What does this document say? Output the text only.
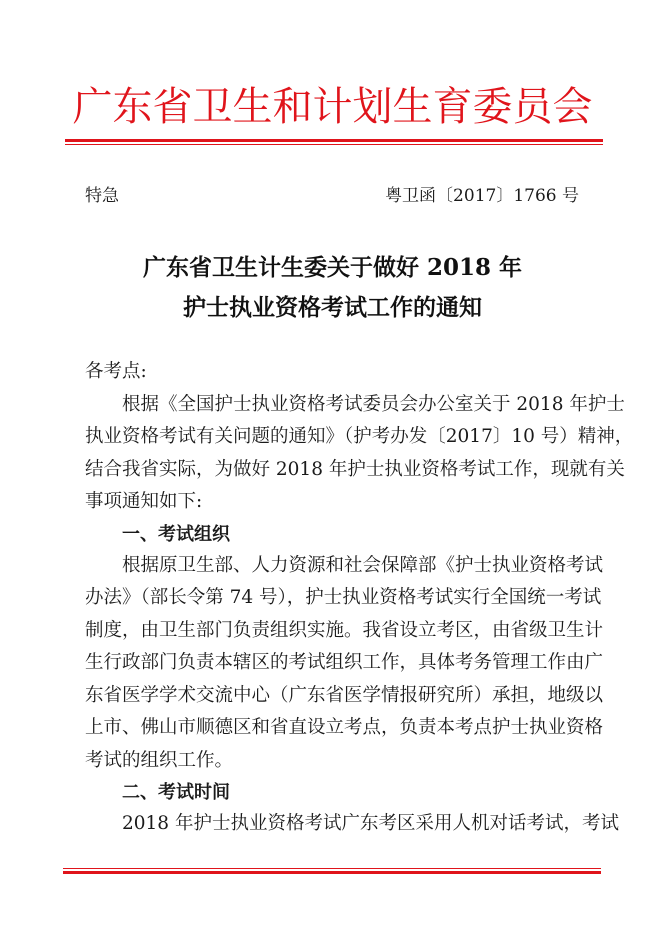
广东省卫生和计划生育委员会
特急	粤卫函〔2017〕1766 号
广东省卫生计生委关于做好 2018 年
护士执业资格考试工作的通知

各考点:

根据《全国护士执业资格考试委员会办公室关于 2018 年护士
执业资格考试有关问题的通知》（护考办发〔2017〕10 号）精神，
结合我省实际，为做好 2018 年护士执业资格考试工作，现就有关
事项通知如下:

一、考试组织

根据原卫生部、人力资源和社会保障部《护士执业资格考试
办法》（部长令第 74 号），护士执业资格考试实行全国统一考试
制度，由卫生部门负责组织实施。我省设立考区，由省级卫生计
生行政部门负责本辖区的考试组织工作，具体考务管理工作由广
东省医学学术交流中心（广东省医学情报研究所）承担，地级以
上市、佛山市顺德区和省直设立考点，负责本考点护士执业资格
考试的组织工作。

二、考试时间

2018 年护士执业资格考试广东考区采用人机对话考试，考试
